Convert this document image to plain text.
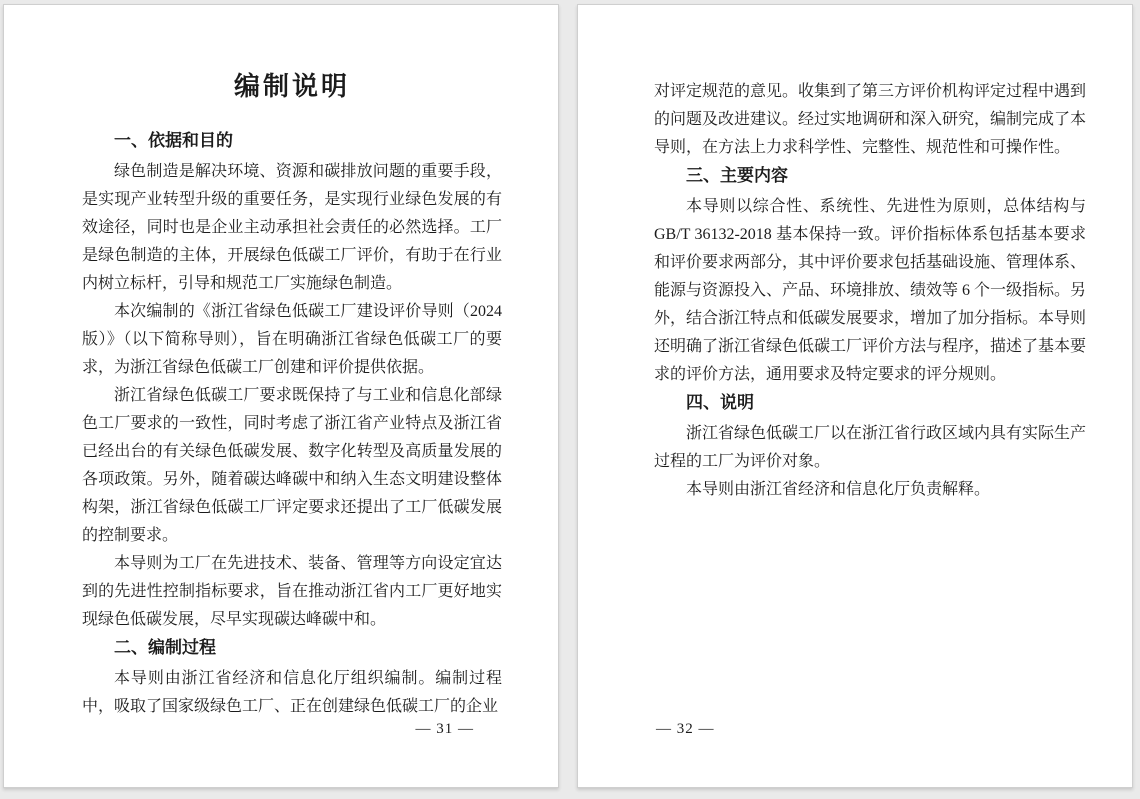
编制说明
一、依据和目的

绿色制造是解决环境、资源和碳排放问题的重要手段，是实现产业转型升级的重要任务，是实现行业绿色发展的有效途径，同时也是企业主动承担社会责任的必然选择。工厂是绿色制造的主体，开展绿色低碳工厂评价，有助于在行业内树立标杆，引导和规范工厂实施绿色制造。

本次编制的《浙江省绿色低碳工厂建设评价导则（2024版）》（以下简称导则），旨在明确浙江省绿色低碳工厂的要求，为浙江省绿色低碳工厂创建和评价提供依据。

浙江省绿色低碳工厂要求既保持了与工业和信息化部绿色工厂要求的一致性，同时考虑了浙江省产业特点及浙江省已经出台的有关绿色低碳发展、数字化转型及高质量发展的各项政策。另外，随着碳达峰碳中和纳入生态文明建设整体构架，浙江省绿色低碳工厂评定要求还提出了工厂低碳发展的控制要求。

本导则为工厂在先进技术、装备、管理等方向设定宜达到的先进性控制指标要求，旨在推动浙江省内工厂更好地实现绿色低碳发展，尽早实现碳达峰碳中和。

二、编制过程

本导则由浙江省经济和信息化厅组织编制。编制过程中，吸取了国家级绿色工厂、正在创建绿色低碳工厂的企业

— 31 —

对评定规范的意见。收集到了第三方评价机构评定过程中遇到的问题及改进建议。经过实地调研和深入研究，编制完成了本导则，在方法上力求科学性、完整性、规范性和可操作性。

三、主要内容

本导则以综合性、系统性、先进性为原则，总体结构与GB/T 36132-2018 基本保持一致。评价指标体系包括基本要求和评价要求两部分，其中评价要求包括基础设施、管理体系、能源与资源投入、产品、环境排放、绩效等 6 个一级指标。另外，结合浙江特点和低碳发展要求，增加了加分指标。本导则还明确了浙江省绿色低碳工厂评价方法与程序，描述了基本要求的评价方法，通用要求及特定要求的评分规则。

四、说明

浙江省绿色低碳工厂以在浙江省行政区域内具有实际生产过程的工厂为评价对象。

本导则由浙江省经济和信息化厅负责解释。

— 32 —
